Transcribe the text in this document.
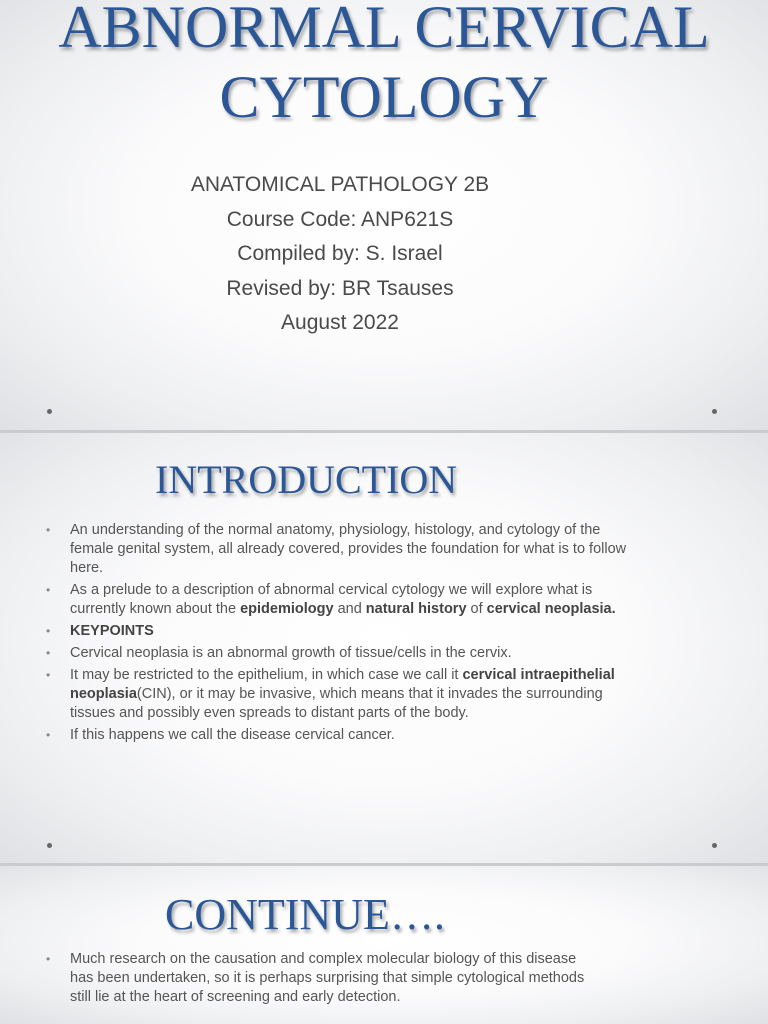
ABNORMAL CERVICAL CYTOLOGY
ANATOMICAL PATHOLOGY 2B
Course Code: ANP621S
Compiled by: S. Israel
Revised by: BR Tsauses
August 2022
INTRODUCTION
• An understanding of the normal anatomy, physiology, histology, and cytology of the female genital system, all already covered, provides the foundation for what is to follow here.
• As a prelude to a description of abnormal cervical cytology we will explore what is currently known about the epidemiology and natural history of cervical neoplasia.
• KEYPOINTS
• Cervical neoplasia is an abnormal growth of tissue/cells in the cervix.
• It may be restricted to the epithelium, in which case we call it cervical intraepithelial neoplasia(CIN), or it may be invasive, which means that it invades the surrounding tissues and possibly even spreads to distant parts of the body.
• If this happens we call the disease cervical cancer.
CONTINUE….
• Much research on the causation and complex molecular biology of this disease has been undertaken, so it is perhaps surprising that simple cytological methods still lie at the heart of screening and early detection.
